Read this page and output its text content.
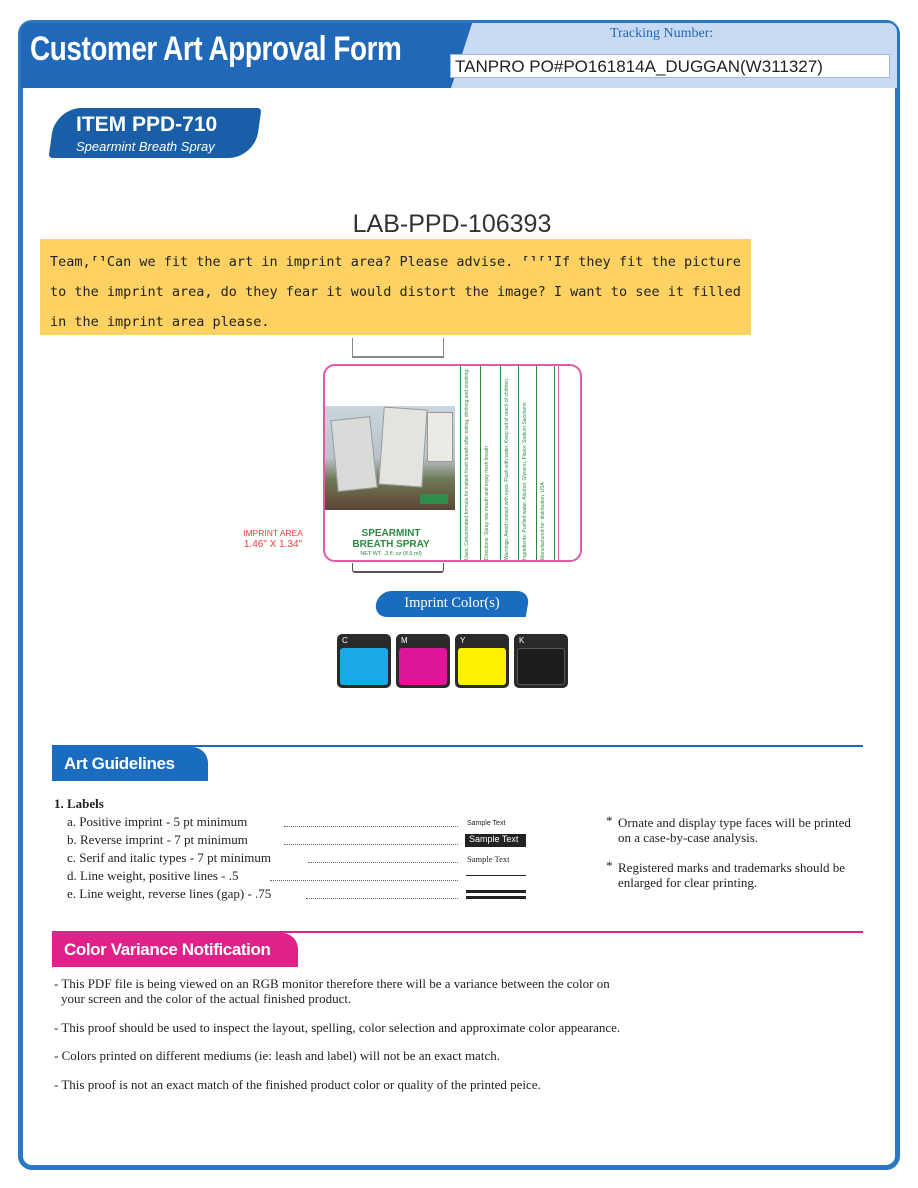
Customer Art Approval Form	Tracking Number:
TANPRO PO#PO161814A_DUGGAN(W311327)
ITEM PPD-710
Spearmint Breath Spray
LAB-PPD-106393
SPEARMINT
BREATH SPRAY
NET WT. .3 fl. oz (8.5 ml)	Uses: Concentrated formula for instant fresh breath after eating, drinking and smoking.	Directions: Spray into mouth and enjoy fresh breath	Warnings: Avoid contact with eyes. Flush with water. Keep out of reach of children.	Ingredients: Purified water, Alcohol, Glycerin, Flavor, Sodium Saccharin	Manufactured for: distribution, USA
IMPRINT AREA
1.46" X 1.34"
Team,⸢⸣Can we fit the art in imprint area? Please advise. ⸢⸣⸢⸣If they fit the picture to the imprint area, do they fear it would distort the image? I want to see it filled in the imprint area please.
Imprint Color(s)
C	M	Y	K
Art Guidelines
1. Labels
a. Positive imprint - 5 pt minimum	Sample Text
b. Reverse imprint - 7 pt minimum	Sample Text
c. Serif and italic types - 7 pt minimum	Sample Text
d. Line weight, positive lines - .5
e. Line weight, reverse lines (gap) - .75
* Ornate and display type faces will be printed on a case-by-case analysis.
* Registered marks and trademarks should be enlarged for clear printing.
Color Variance Notification
- This PDF file is being viewed on an RGB monitor therefore there will be a variance between the color on
your screen and the color of the actual finished product.
- This proof should be used to inspect the layout, spelling, color selection and approximate color appearance.
- Colors printed on different mediums (ie: leash and label) will not be an exact match.
- This proof is not an exact match of the finished product color or quality of the printed peice.
